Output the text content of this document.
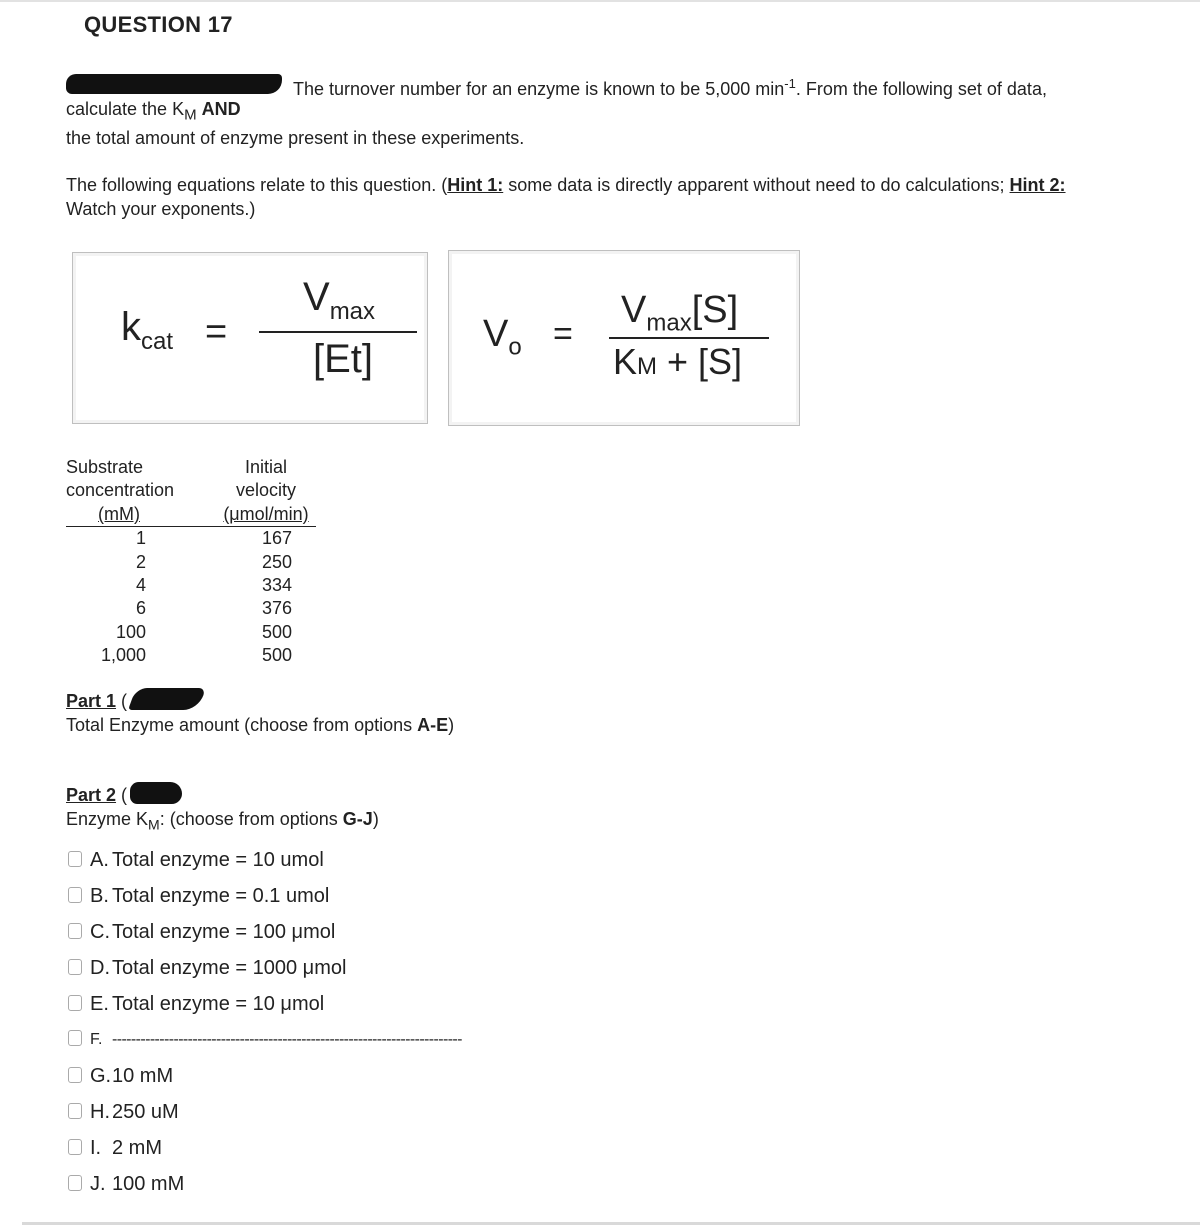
QUESTION 17
The turnover number for an enzyme is known to be 5,000 $\min^{-1}$. From the following set of data,
calculate the $K_M$ AND
the total amount of enzyme present in these experiments.
The following equations relate to this question. (Hint 1: some data is directly apparent without need to do calculations; Hint 2:
Watch your exponents.)
$k_{cat}$ =
$V_{max}$
[Et]
$V_o$ =
$V_{max}[S]$
KM + [S]
Substrate	Initial
concentration	velocity
(mM)	(μmol/min)
1	167
2	250
4	334
6	376
100	500
1,000	500
Part 1 (
Total Enzyme amount (choose from options A-E)
Part 2 (
Enzyme $K_M$: (choose from options G-J)
A. Total enzyme = 10 umol
B. Total enzyme = 0.1 umol
C. Total enzyme = 100 μmol
D. Total enzyme = 1000 μmol
E. Total enzyme = 10 μmol
F. --------------------------------------------------------------------------
G.10 mM
H. 250 uM
I. 2 mM
J. 100 mM
